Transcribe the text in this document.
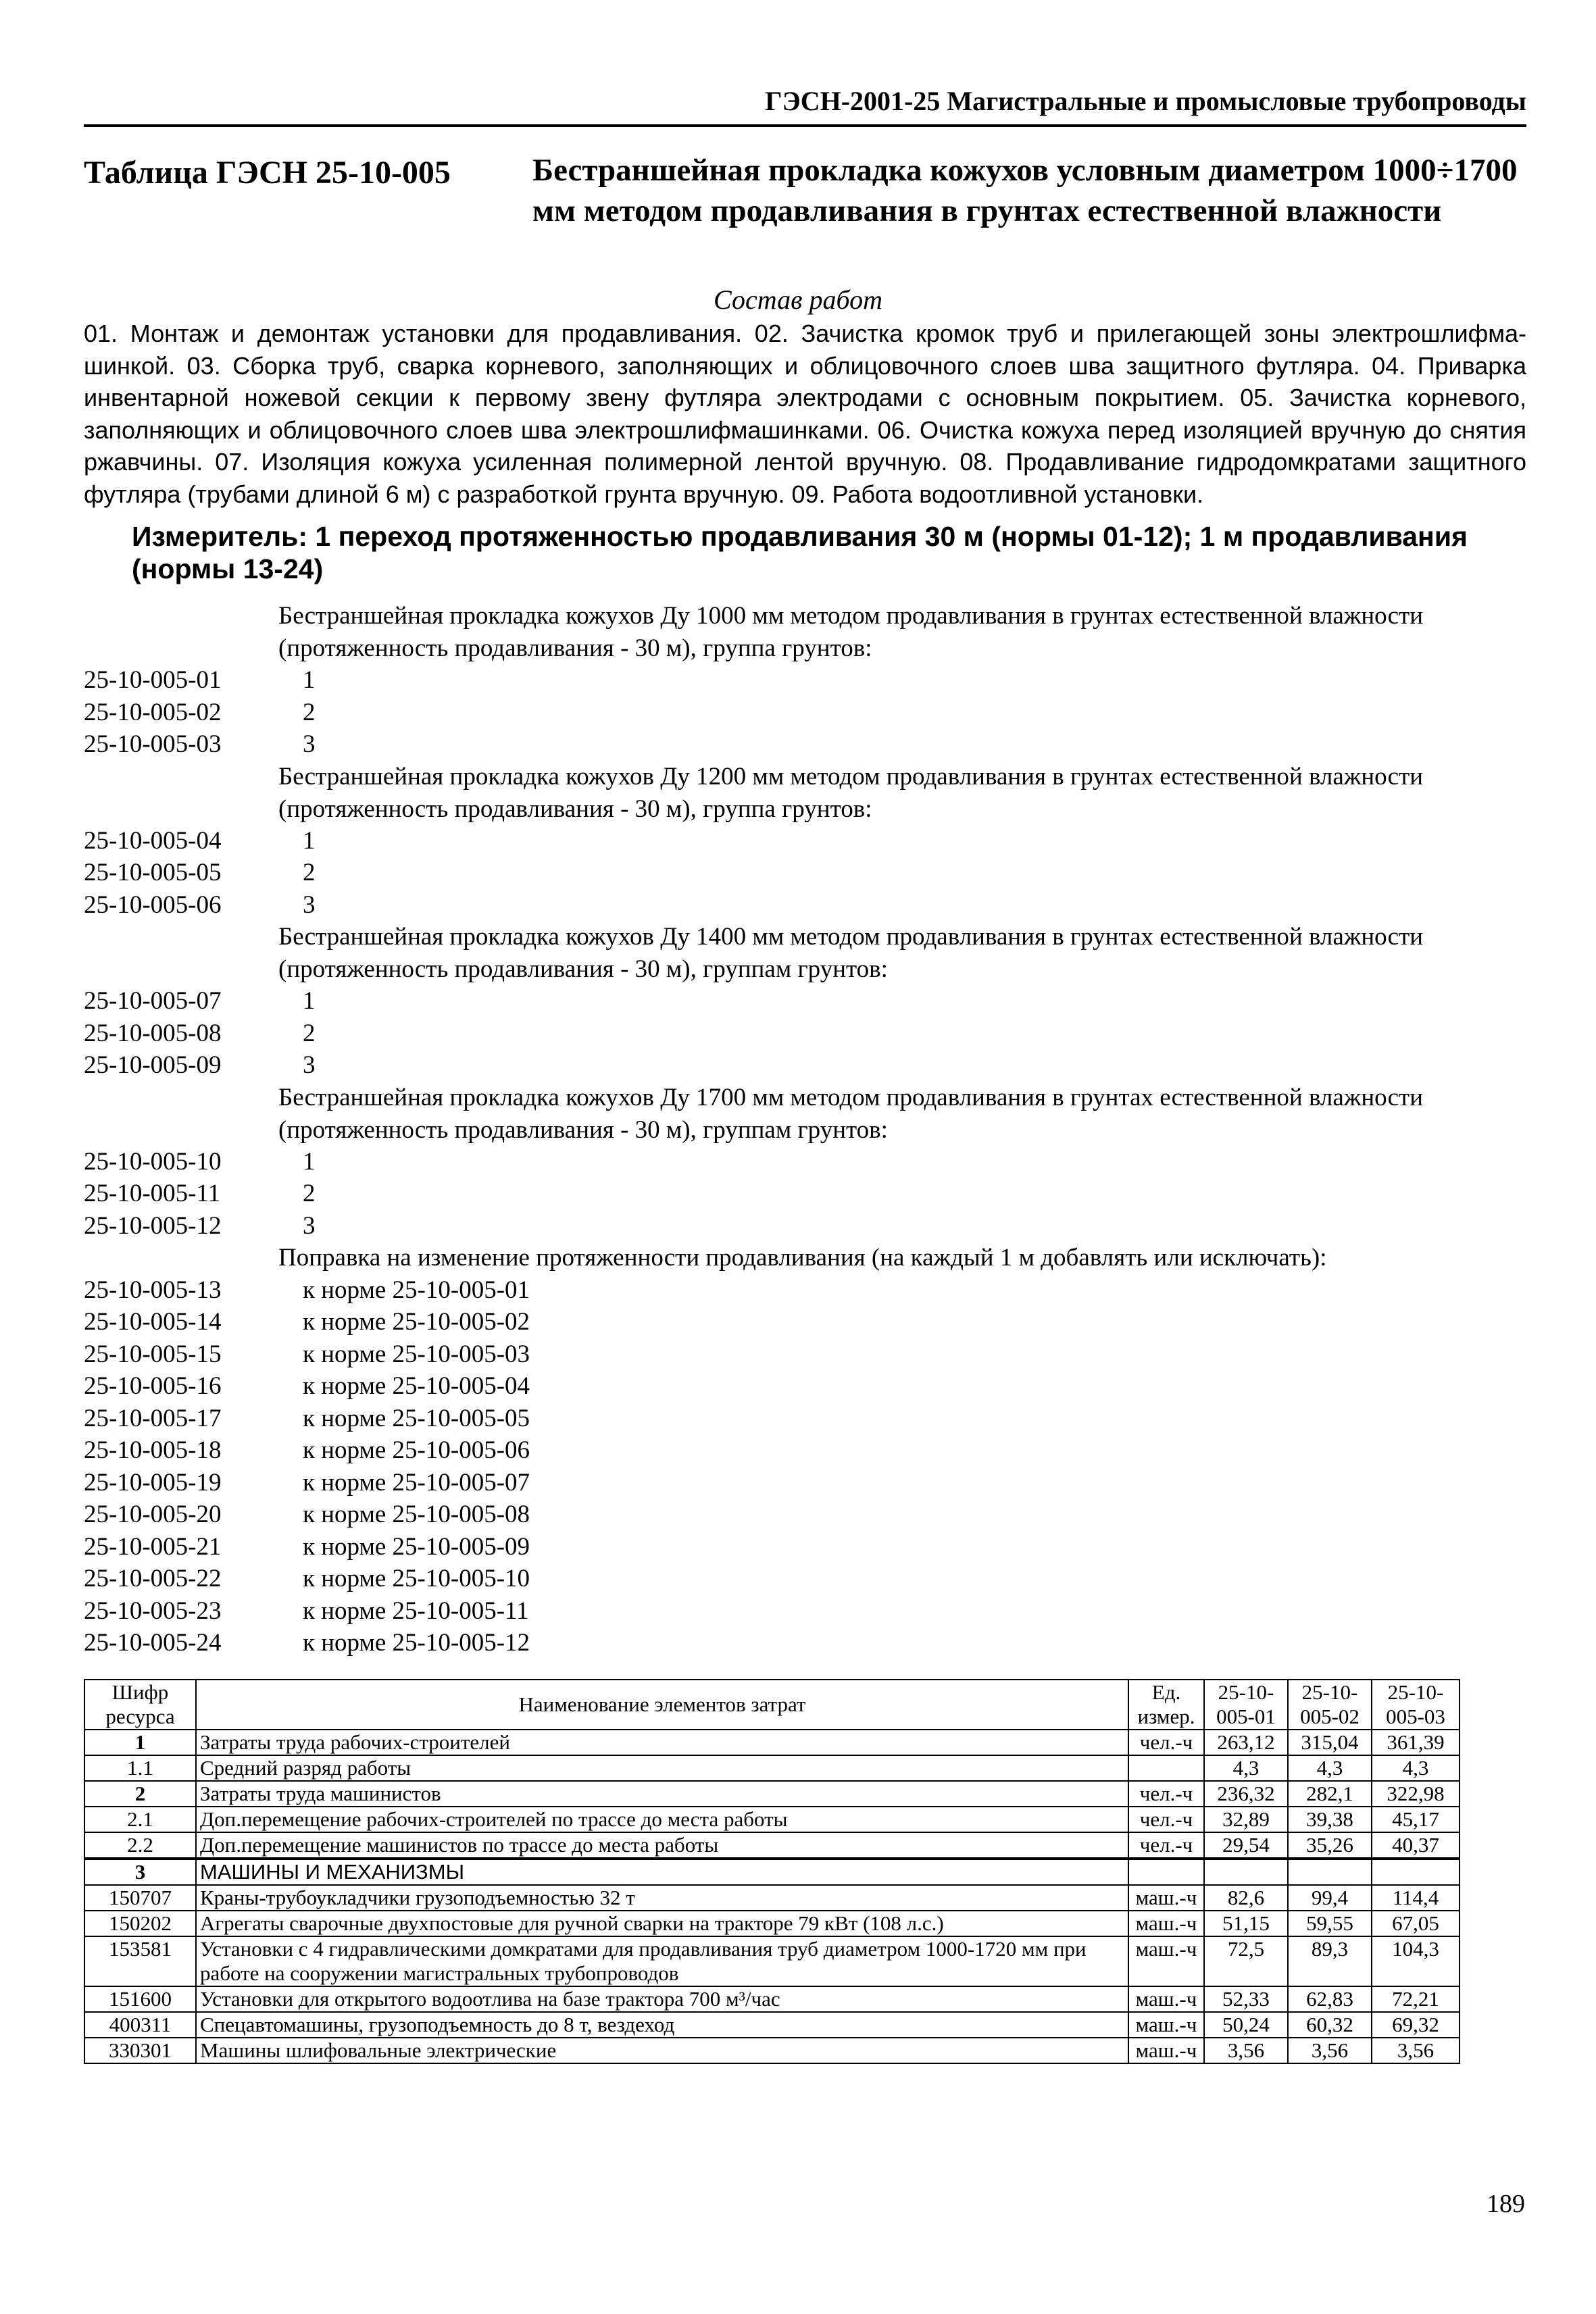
ГЭСН-2001-25 Магистральные и промысловые трубопроводы
Таблица ГЭСН 25-10-005	Бестраншейная прокладка кожухов условным диаметром 1000÷1700 мм методом продавливания в грунтах естественной влажности
Состав работ
01. Монтаж и демонтаж установки для продавливания. 02. Зачистка кромок труб и прилегающей зоны электрошлифма-шинкой. 03. Сборка труб, сварка корневого, заполняющих и облицовочного слоев шва защитного футляра. 04. Приварка инвентарной ножевой секции к первому звену футляра электродами с основным покрытием. 05. Зачистка корневого, заполняющих и облицовочного слоев шва электрошлифмашинками. 06. Очистка кожуха перед изоляцией вручную до снятия ржавчины. 07. Изоляция кожуха усиленная полимерной лентой вручную. 08. Продавливание гидродомкратами защитного футляра (трубами длиной 6 м) с разработкой грунта вручную. 09. Работа водоотливной установки.
Измеритель: 1 переход протяженностью продавливания 30 м (нормы 01-12); 1 м продавливания (нормы 13-24)
Бестраншейная прокладка кожухов Ду 1000 мм методом продавливания в грунтах естественной влажности (протяженность продавливания - 30 м), группа грунтов:
25-10-005-01	1
25-10-005-02	2
25-10-005-03	3
Бестраншейная прокладка кожухов Ду 1200 мм методом продавливания в грунтах естественной влажности (протяженность продавливания - 30 м), группа грунтов:
25-10-005-04	1
25-10-005-05	2
25-10-005-06	3
Бестраншейная прокладка кожухов Ду 1400 мм методом продавливания в грунтах естественной влажности (протяженность продавливания - 30 м), группам грунтов:
25-10-005-07	1
25-10-005-08	2
25-10-005-09	3
Бестраншейная прокладка кожухов Ду 1700 мм методом продавливания в грунтах естественной влажности (протяженность продавливания - 30 м), группам грунтов:
25-10-005-10	1
25-10-005-11	2
25-10-005-12	3
Поправка на изменение протяженности продавливания (на каждый 1 м добавлять или исключать):
25-10-005-13	к норме 25-10-005-01
25-10-005-14	к норме 25-10-005-02
25-10-005-15	к норме 25-10-005-03
25-10-005-16	к норме 25-10-005-04
25-10-005-17	к норме 25-10-005-05
25-10-005-18	к норме 25-10-005-06
25-10-005-19	к норме 25-10-005-07
25-10-005-20	к норме 25-10-005-08
25-10-005-21	к норме 25-10-005-09
25-10-005-22	к норме 25-10-005-10
25-10-005-23	к норме 25-10-005-11
25-10-005-24	к норме 25-10-005-12
Шифр ресурса	Наименование элементов затрат	Ед. измер.	25-10-005-01	25-10-005-02	25-10-005-03
1	Затраты труда рабочих-строителей	чел.-ч	263,12	315,04	361,39
1.1	Средний разряд работы		4,3	4,3	4,3
2	Затраты труда машинистов	чел.-ч	236,32	282,1	322,98
2.1	Доп.перемещение рабочих-строителей по трассе до места работы	чел.-ч	32,89	39,38	45,17
2.2	Доп.перемещение машинистов по трассе до места работы	чел.-ч	29,54	35,26	40,37
3	МАШИНЫ И МЕХАНИЗМЫ				
150707	Краны-трубоукладчики грузоподъемностью 32 т	маш.-ч	82,6	99,4	114,4
150202	Агрегаты сварочные двухпостовые для ручной сварки на тракторе 79 кВт (108 л.с.)	маш.-ч	51,15	59,55	67,05
153581	Установки с 4 гидравлическими домкратами для продавливания труб диаметром 1000-1720 мм при работе на сооружении магистральных трубопроводов	маш.-ч	72,5	89,3	104,3
151600	Установки для открытого водоотлива на базе трактора 700 м³/час	маш.-ч	52,33	62,83	72,21
400311	Спецавтомашины, грузоподъемность до 8 т, вездеход	маш.-ч	50,24	60,32	69,32
330301	Машины шлифовальные электрические	маш.-ч	3,56	3,56	3,56
189
